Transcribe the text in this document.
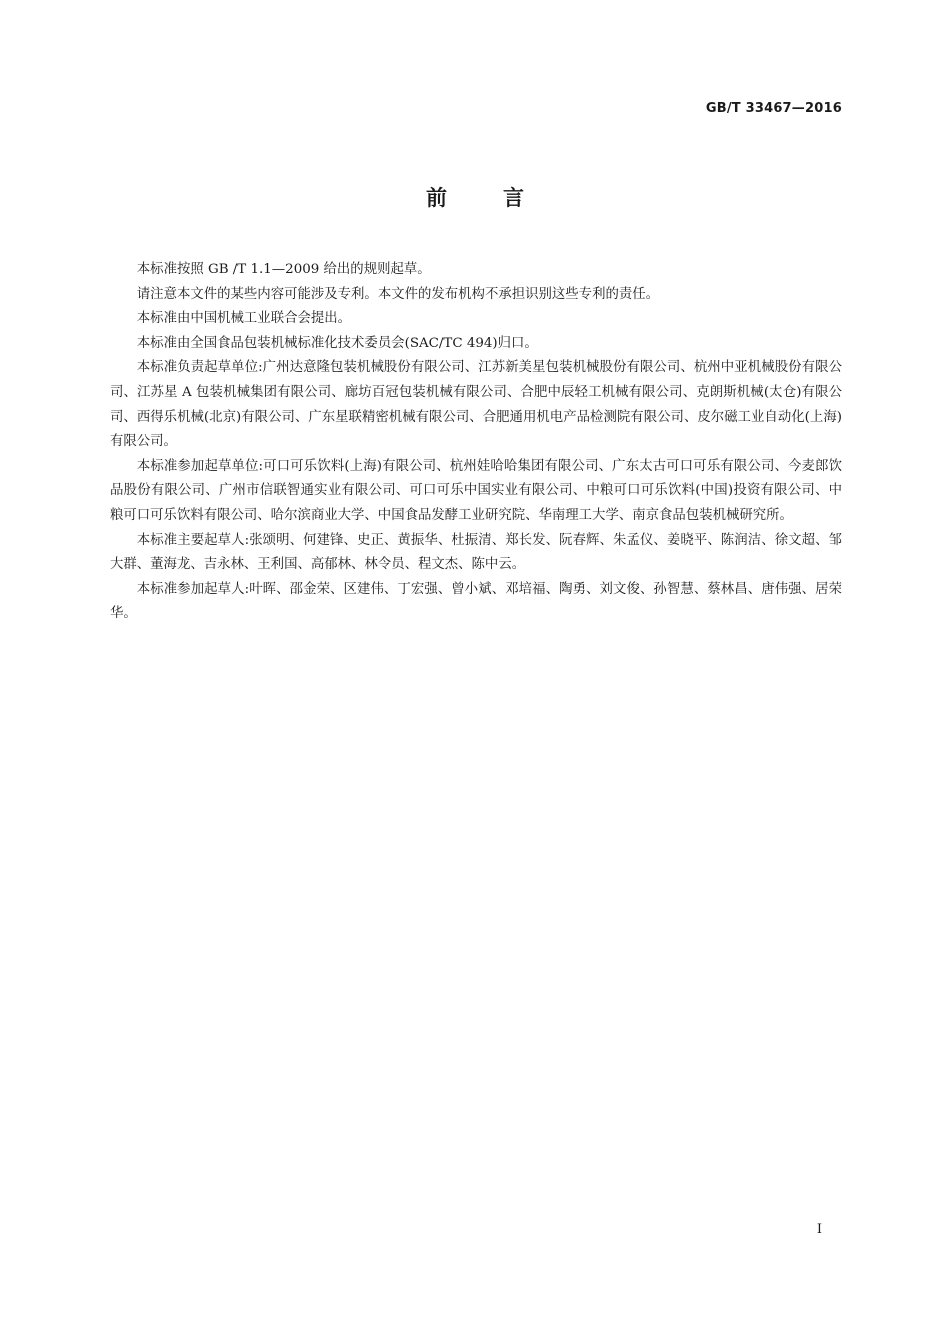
GB/T 33467—2016
前言

本标准按照 GB /T 1.1—2009 给出的规则起草。

请注意本文件的某些内容可能涉及专利。本文件的发布机构不承担识别这些专利的责任。

本标准由中国机械工业联合会提出。

本标准由全国食品包装机械标准化技术委员会(SAC/TC 494)归口。

本标准负责起草单位:广州达意隆包装机械股份有限公司、江苏新美星包装机械股份有限公司、杭州中亚机械股份有限公司、江苏星 A 包装机械集团有限公司、廊坊百冠包装机械有限公司、合肥中辰轻工机械有限公司、克朗斯机械(太仓)有限公司、西得乐机械(北京)有限公司、广东星联精密机械有限公司、合肥通用机电产品检测院有限公司、皮尔磁工业自动化(上海)有限公司。

本标准参加起草单位:可口可乐饮料(上海)有限公司、杭州娃哈哈集团有限公司、广东太古可口可乐有限公司、今麦郎饮品股份有限公司、广州市信联智通实业有限公司、可口可乐中国实业有限公司、中粮可口可乐饮料(中国)投资有限公司、中粮可口可乐饮料有限公司、哈尔滨商业大学、中国食品发酵工业研究院、华南理工大学、南京食品包装机械研究所。

本标准主要起草人:张颂明、何建锋、史正、黄振华、杜振清、郑长发、阮春辉、朱孟仪、姜晓平、陈润洁、徐文超、邹大群、董海龙、吉永林、王利国、高郁林、林令员、程文杰、陈中云。

本标准参加起草人:叶晖、邵金荣、区建伟、丁宏强、曾小斌、邓培福、陶勇、刘文俊、孙智慧、蔡林昌、唐伟强、居荣华。

I
